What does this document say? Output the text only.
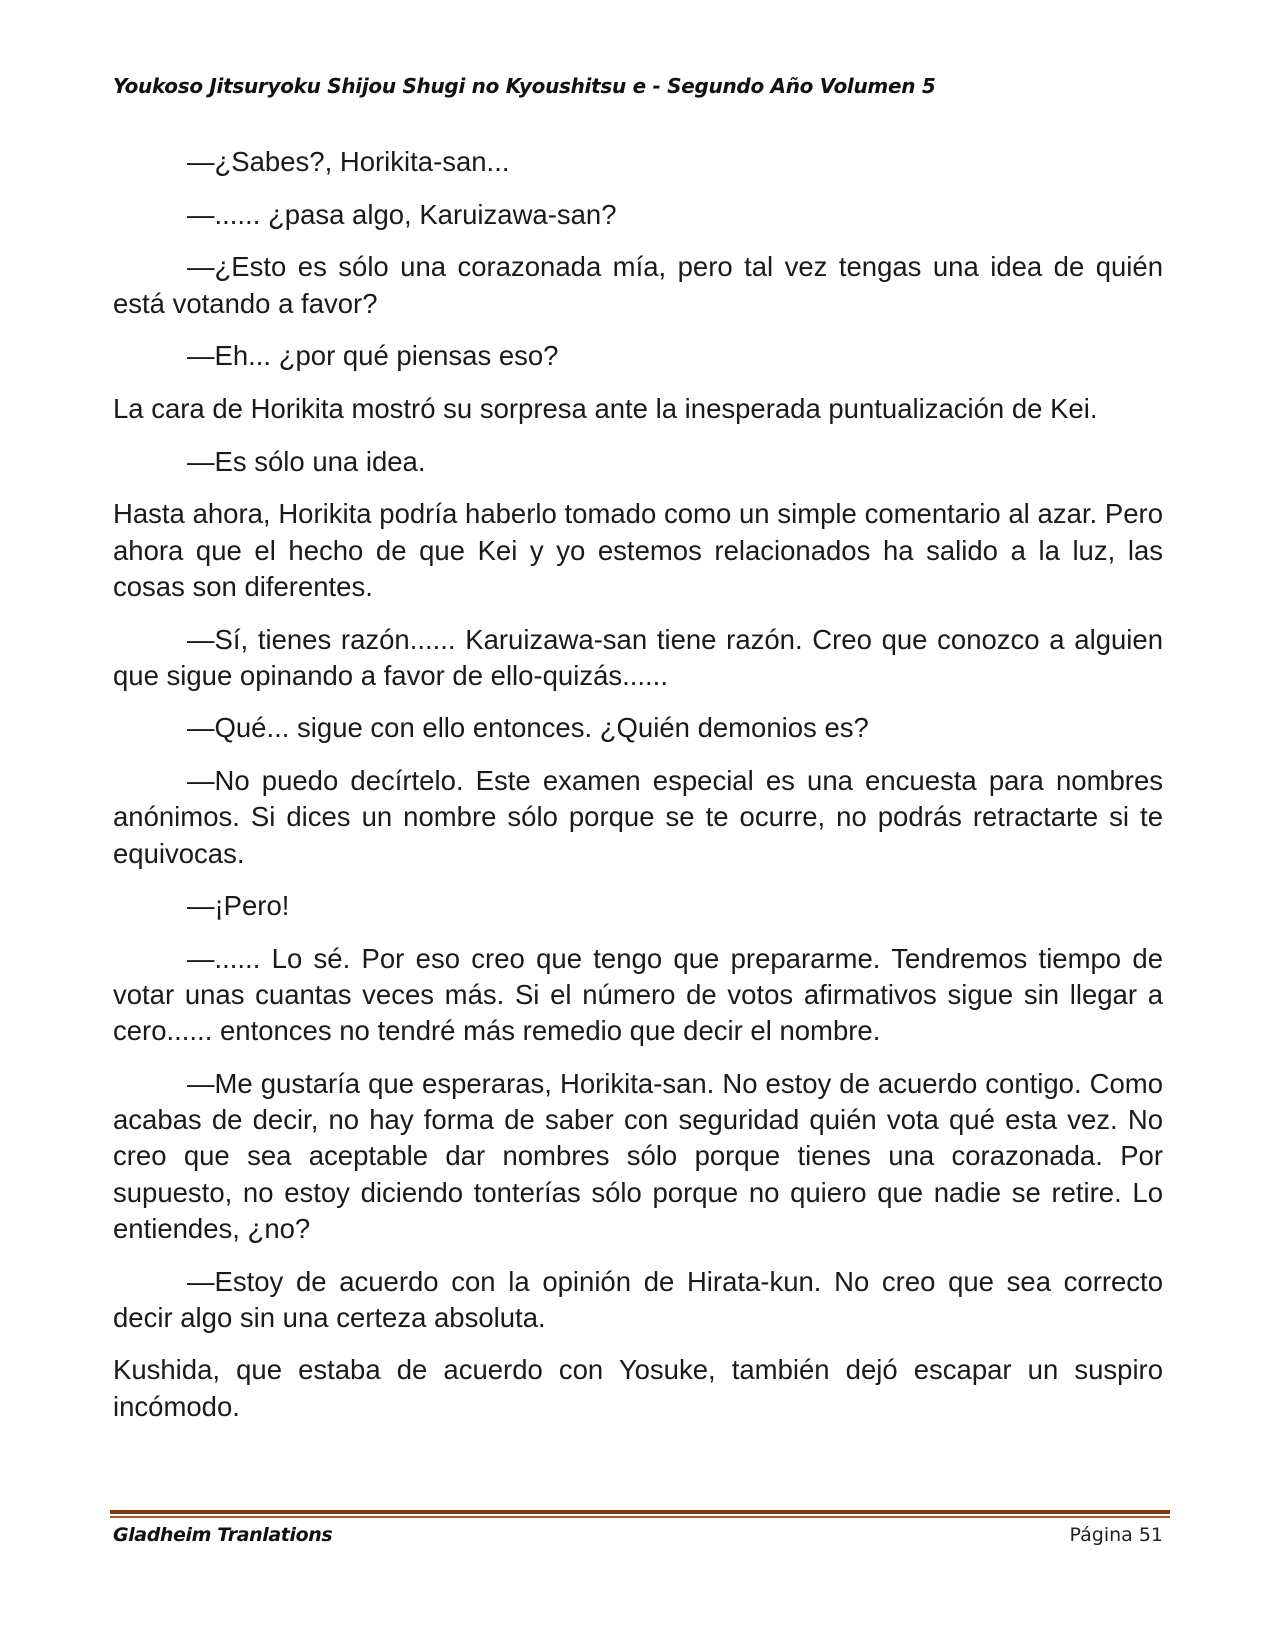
Youkoso Jitsuryoku Shijou Shugi no Kyoushitsu e - Segundo Año Volumen 5

—¿Sabes?, Horikita-san...

—...... ¿pasa algo, Karuizawa-san?

—¿Esto es sólo una corazonada mía, pero tal vez tengas una idea de quién está votando a favor?

—Eh... ¿por qué piensas eso?

La cara de Horikita mostró su sorpresa ante la inesperada puntualización de Kei.

—Es sólo una idea.

Hasta ahora, Horikita podría haberlo tomado como un simple comentario al azar. Pero ahora que el hecho de que Kei y yo estemos relacionados ha salido a la luz, las cosas son diferentes.

—Sí, tienes razón...... Karuizawa-san tiene razón. Creo que conozco a alguien que sigue opinando a favor de ello-quizás......

—Qué... sigue con ello entonces. ¿Quién demonios es?

—No puedo decírtelo. Este examen especial es una encuesta para nombres anónimos. Si dices un nombre sólo porque se te ocurre, no podrás retractarte si te equivocas.

—¡Pero!

—...... Lo sé. Por eso creo que tengo que prepararme. Tendremos tiempo de votar unas cuantas veces más. Si el número de votos afirmativos sigue sin llegar a cero...... entonces no tendré más remedio que decir el nombre.

—Me gustaría que esperaras, Horikita-san. No estoy de acuerdo contigo. Como acabas de decir, no hay forma de saber con seguridad quién vota qué esta vez. No creo que sea aceptable dar nombres sólo porque tienes una corazonada. Por supuesto, no estoy diciendo tonterías sólo porque no quiero que nadie se retire. Lo entiendes, ¿no?

—Estoy de acuerdo con la opinión de Hirata-kun. No creo que sea correcto decir algo sin una certeza absoluta.

Kushida, que estaba de acuerdo con Yosuke, también dejó escapar un suspiro incómodo.

Gladheim Tranlations	Página 51
